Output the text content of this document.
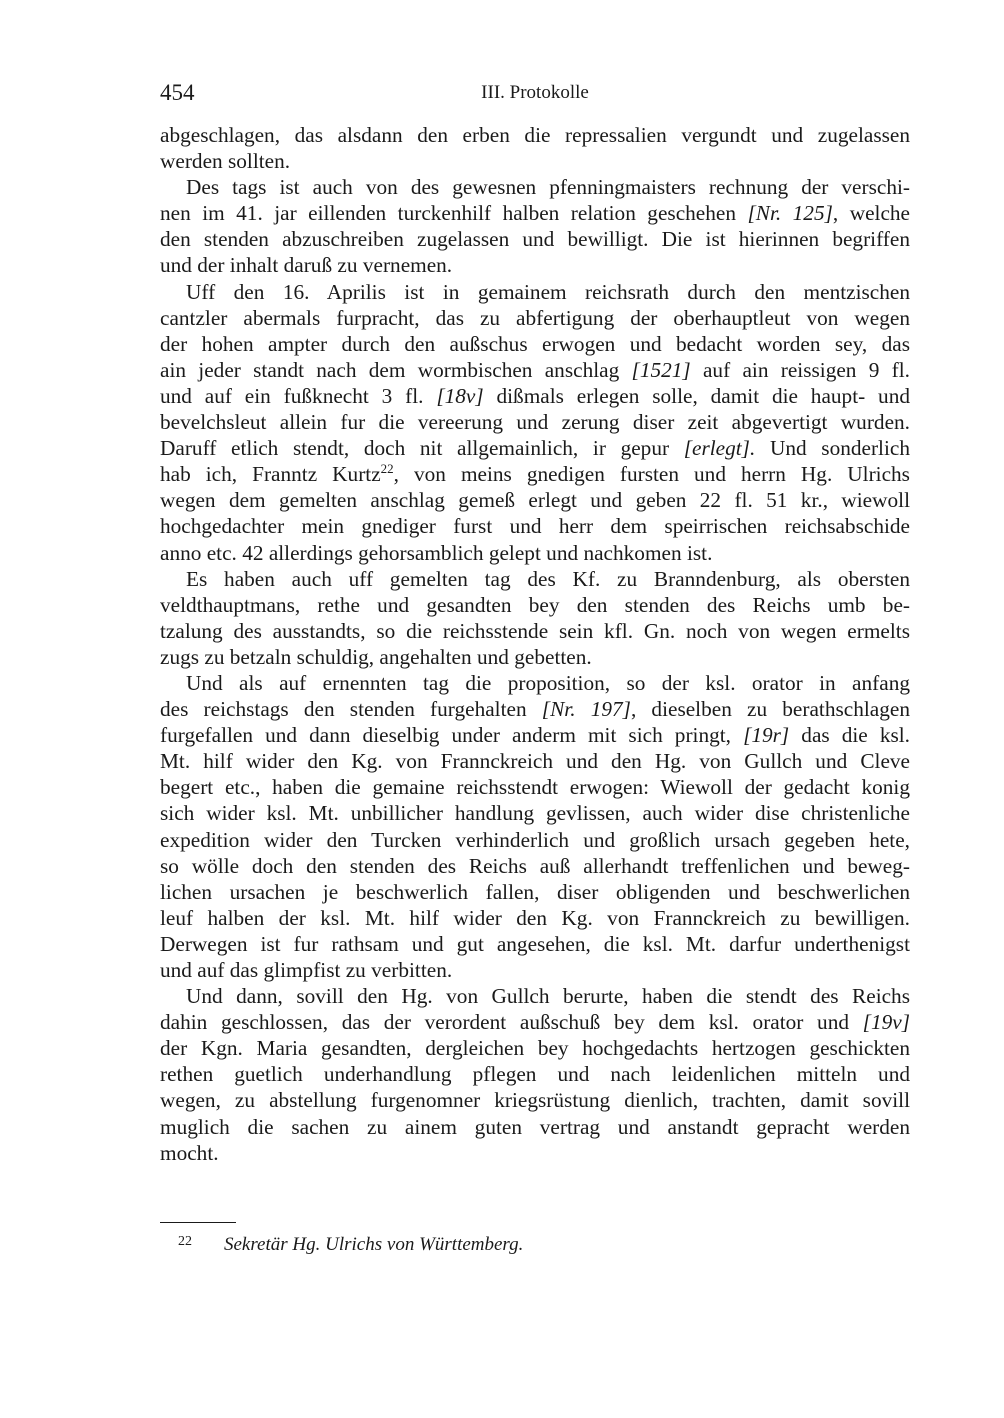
454	III. Protokolle
abgeschlagen, das alsdann den erben die repressalien vergundt und zugelassen
werden sollten.
Des tags ist auch von des gewesnen pfenningmaisters rechnung der verschi-
nen im 41. jar eillenden turckenhilf halben relation geschehen [Nr. 125], welche
den stenden abzuschreiben zugelassen und bewilligt. Die ist hierinnen begriffen
und der inhalt daruß zu vernemen.
Uff den 16. Aprilis ist in gemainem reichsrath durch den mentzischen
cantzler abermals furpracht, das zu abfertigung der oberhauptleut von wegen
der hohen ampter durch den außschus erwogen und bedacht worden sey, das
ain jeder standt nach dem wormbischen anschlag [1521] auf ain reissigen 9 fl.
und auf ein fußknecht 3 fl. [18v] dißmals erlegen solle, damit die haupt- und
bevelchsleut allein fur die vereerung und zerung diser zeit abgevertigt wurden.
Daruff etlich stendt, doch nit allgemainlich, ir gepur [erlegt]. Und sonderlich
hab ich, Franntz Kurtz$^{22}$, von meins gnedigen fursten und herrn Hg. Ulrichs
wegen dem gemelten anschlag gemeß erlegt und geben 22 fl. 51 kr., wiewoll
hochgedachter mein gnediger furst und herr dem speirrischen reichsabschide
anno etc. 42 allerdings gehorsamblich gelept und nachkomen ist.
Es haben auch uff gemelten tag des Kf. zu Branndenburg, als obersten
veldthauptmans, rethe und gesandten bey den stenden des Reichs umb be-
tzalung des ausstandts, so die reichsstende sein kfl. Gn. noch von wegen ermelts
zugs zu betzaln schuldig, angehalten und gebetten.
Und als auf ernennten tag die proposition, so der ksl. orator in anfang
des reichstags den stenden furgehalten [Nr. 197], dieselben zu berathschlagen
furgefallen und dann dieselbig under anderm mit sich pringt, [19r] das die ksl.
Mt. hilf wider den Kg. von Frannckreich und den Hg. von Gullch und Cleve
begert etc., haben die gemaine reichsstendt erwogen: Wiewoll der gedacht konig
sich wider ksl. Mt. unbillicher handlung gevlissen, auch wider dise christenliche
expedition wider den Turcken verhinderlich und großlich ursach gegeben hete,
so wölle doch den stenden des Reichs auß allerhandt treffenlichen und beweg-
lichen ursachen je beschwerlich fallen, diser obligenden und beschwerlichen
leuf halben der ksl. Mt. hilf wider den Kg. von Frannckreich zu bewilligen.
Derwegen ist fur rathsam und gut angesehen, die ksl. Mt. darfur underthenigst
und auf das glimpfist zu verbitten.
Und dann, sovill den Hg. von Gullch berurte, haben die stendt des Reichs
dahin geschlossen, das der verordent außschuß bey dem ksl. orator und [19v]
der Kgn. Maria gesandten, dergleichen bey hochgedachts hertzogen geschickten
rethen guetlich underhandlung pflegen und nach leidenlichen mitteln und
wegen, zu abstellung furgenomner kriegsrüstung dienlich, trachten, damit sovill
muglich die sachen zu ainem guten vertrag und anstandt gepracht werden
mocht.
22 Sekretär Hg. Ulrichs von Württemberg.
